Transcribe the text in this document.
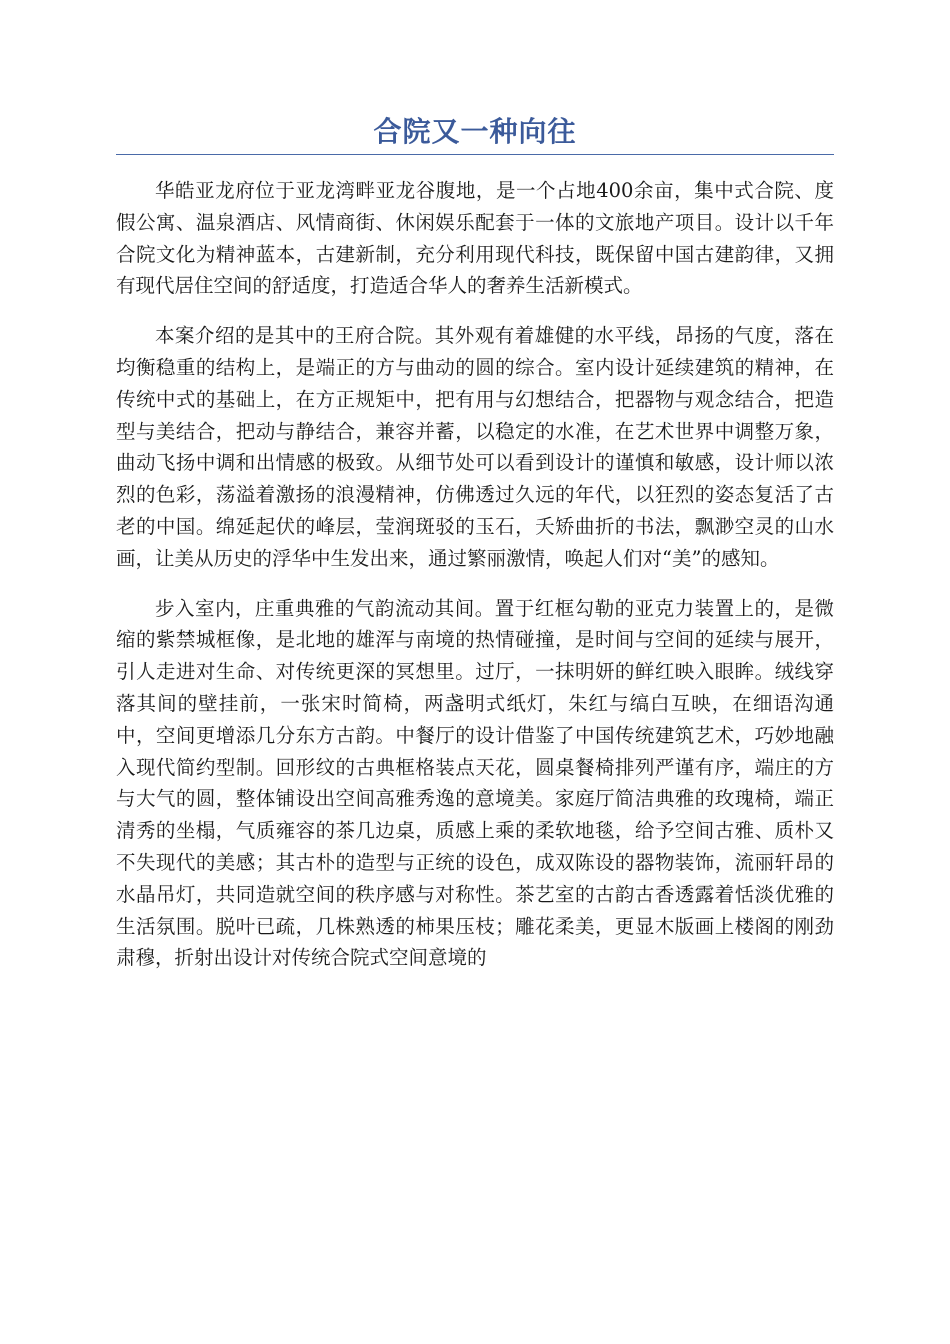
合院又一种向往

华皓亚龙府位于亚龙湾畔亚龙谷腹地，是一个占地400余亩，集中式合院、度假公寓、温泉酒店、风情商街、休闲娱乐配套于一体的文旅地产项目。设计以千年合院文化为精神蓝本，古建新制，充分利用现代科技，既保留中国古建韵律，又拥有现代居住空间的舒适度，打造适合华人的奢养生活新模式。

本案介绍的是其中的王府合院。其外观有着雄健的水平线，昂扬的气度，落在均衡稳重的结构上，是端正的方与曲动的圆的综合。室内设计延续建筑的精神，在传统中式的基础上，在方正规矩中，把有用与幻想结合，把器物与观念结合，把造型与美结合，把动与静结合，兼容并蓄，以稳定的水准，在艺术世界中调整万象，曲动飞扬中调和出情感的极致。从细节处可以看到设计的谨慎和敏感，设计师以浓烈的色彩，荡溢着激扬的浪漫精神，仿佛透过久远的年代，以狂烈的姿态复活了古老的中国。绵延起伏的峰层，莹润斑驳的玉石，夭矫曲折的书法，飘渺空灵的山水画，让美从历史的浮华中生发出来，通过繁丽激情，唤起人们对“美”的感知。

步入室内，庄重典雅的气韵流动其间。置于红框勾勒的亚克力装置上的，是微缩的紫禁城框像，是北地的雄浑与南境的热情碰撞，是时间与空间的延续与展开，引人走进对生命、对传统更深的冥想里。过厅，一抹明妍的鲜红映入眼眸。绒线穿落其间的壁挂前，一张宋时简椅，两盏明式纸灯，朱红与缟白互映，在细语沟通中，空间更增添几分东方古韵。中餐厅的设计借鉴了中国传统建筑艺术，巧妙地融入现代简约型制。回形纹的古典框格装点天花，圆桌餐椅排列严谨有序，端庄的方与大气的圆，整体铺设出空间高雅秀逸的意境美。家庭厅简洁典雅的玫瑰椅，端正清秀的坐榻，气质雍容的茶几边桌，质感上乘的柔软地毯，给予空间古雅、质朴又不失现代的美感；其古朴的造型与正统的设色，成双陈设的器物装饰，流丽轩昂的水晶吊灯，共同造就空间的秩序感与对称性。茶艺室的古韵古香透露着恬淡优雅的生活氛围。脱叶已疏，几株熟透的柿果压枝；雕花柔美，更显木版画上楼阁的刚劲肃穆，折射出设计对传统合院式空间意境的
